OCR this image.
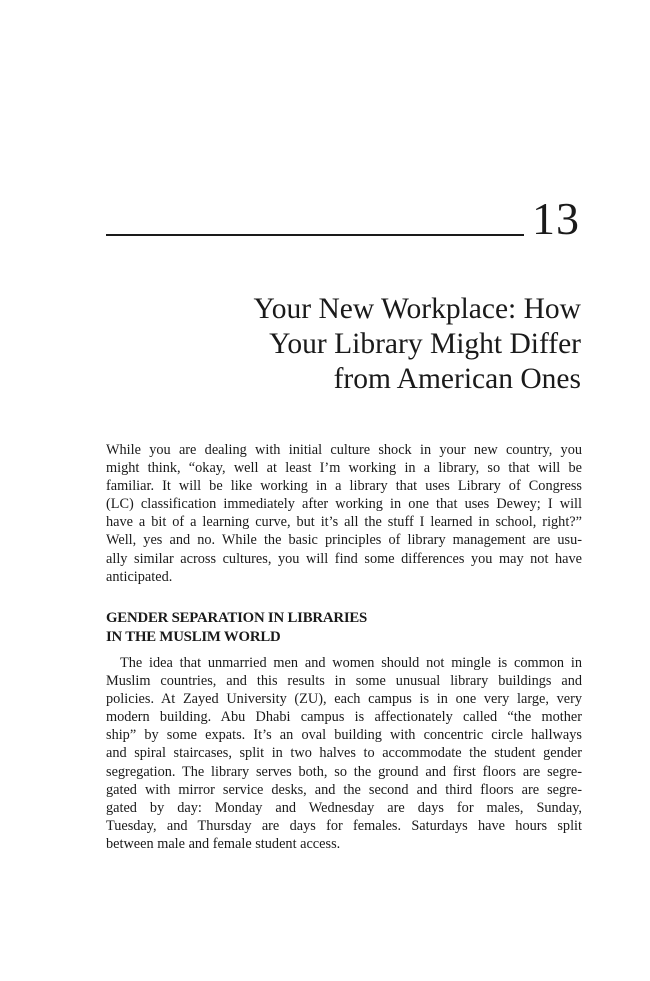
13
Your New Workplace: How
Your Library Might Differ
from American Ones

While you are dealing with initial culture shock in your new country, you
might think, “okay, well at least I’m working in a library, so that will be
familiar. It will be like working in a library that uses Library of Congress
(LC) classification immediately after working in one that uses Dewey; I will
have a bit of a learning curve, but it’s all the stuff I learned in school, right?”
Well, yes and no. While the basic principles of library management are usu-
ally similar across cultures, you will find some differences you may not have
anticipated.

GENDER SEPARATION IN LIBRARIES
IN THE MUSLIM WORLD

The idea that unmarried men and women should not mingle is common in
Muslim countries, and this results in some unusual library buildings and
policies. At Zayed University (ZU), each campus is in one very large, very
modern building. Abu Dhabi campus is affectionately called “the mother
ship” by some expats. It’s an oval building with concentric circle hallways
and spiral staircases, split in two halves to accommodate the student gender
segregation. The library serves both, so the ground and first floors are segre-
gated with mirror service desks, and the second and third floors are segre-
gated by day: Monday and Wednesday are days for males, Sunday,
Tuesday, and Thursday are days for females. Saturdays have hours split
between male and female student access.
